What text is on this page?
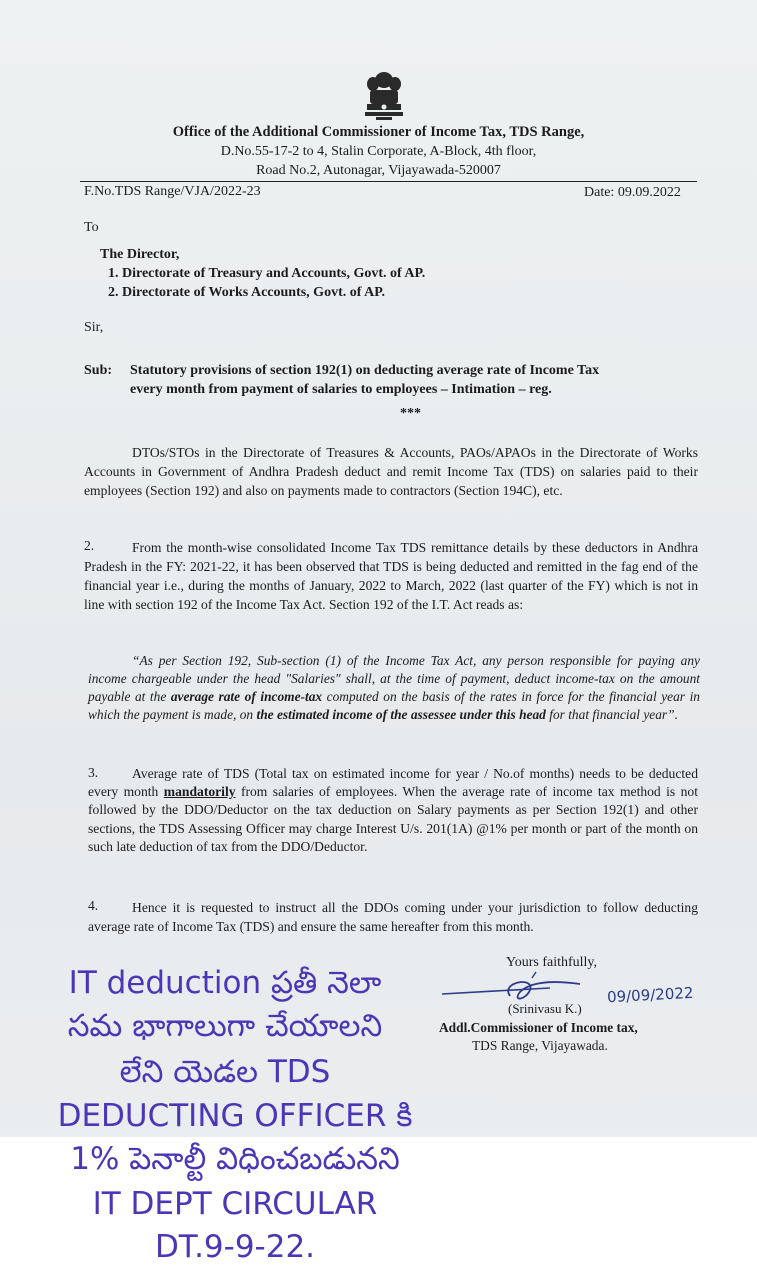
Office of the Additional Commissioner of Income Tax, TDS Range,
D.No.55-17-2 to 4, Stalin Corporate, A-Block, 4th floor,
Road No.2, Autonagar, Vijayawada-520007
F.No.TDS Range/VJA/2022-23	Date: 09.09.2022
To
The Director,
1. Directorate of Treasury and Accounts, Govt. of AP.
2. Directorate of Works Accounts, Govt. of AP.
Sir,
Sub: Statutory provisions of section 192(1) on deducting average rate of Income Tax
every month from payment of salaries to employees – Intimation – reg.
***
DTOs/STOs in the Directorate of Treasures & Accounts, PAOs/APAOs in the Directorate of Works Accounts in Government of Andhra Pradesh deduct and remit Income Tax (TDS) on salaries paid to their employees (Section 192) and also on payments made to contractors (Section 194C), etc.
2.	From the month-wise consolidated Income Tax TDS remittance details by these deductors in Andhra Pradesh in the FY: 2021-22, it has been observed that TDS is being deducted and remitted in the fag end of the financial year i.e., during the months of January, 2022 to March, 2022 (last quarter of the FY) which is not in line with section 192 of the Income Tax Act. Section 192 of the I.T. Act reads as:
“As per Section 192, Sub-section (1) of the Income Tax Act, any person responsible for paying any income chargeable under the head "Salaries" shall, at the time of payment, deduct income-tax on the amount payable at the average rate of income-tax computed on the basis of the rates in force for the financial year in which the payment is made, on the estimated income of the assessee under this head for that financial year”.
3.	Average rate of TDS (Total tax on estimated income for year / No.of months) needs to be deducted every month mandatorily from salaries of employees. When the average rate of income tax method is not followed by the DDO/Deductor on the tax deduction on Salary payments as per Section 192(1) and other sections, the TDS Assessing Officer may charge Interest U/s. 201(1A) @1% per month or part of the month on such late deduction of tax from the DDO/Deductor.
4.	Hence it is requested to instruct all the DDOs coming under your jurisdiction to follow deducting average rate of Income Tax (TDS) and ensure the same hereafter from this month.
Yours faithfully,
(Srinivasu K.)
09/09/2022
Addl.Commissioner of Income tax,
TDS Range, Vijayawada.
IT deduction ప్రతీ నెలా
సమ భాగాలుగా చేయాలని
లేని యెడల TDS
DEDUCTING OFFICER కి
1% పెనాల్టీ విధించబడునని
IT DEPT CIRCULAR
DT.9-9-22.
